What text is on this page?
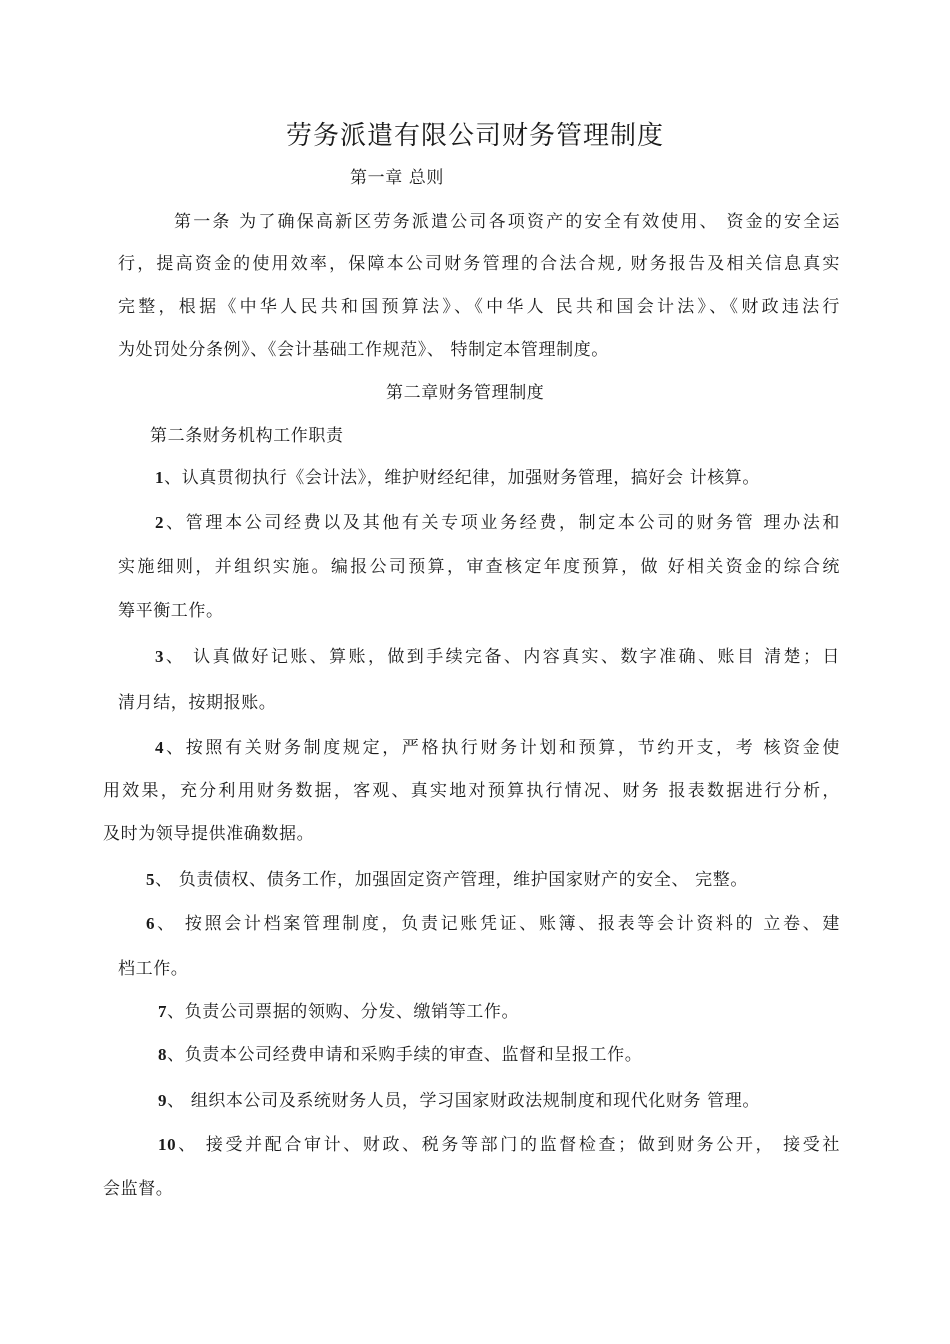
劳务派遣有限公司财务管理制度
第一章 总则
第一条 为了确保高新区劳务派遣公司各项资产的安全有效使用、 资金的安全运
行，提高资金的使用效率，保障本公司财务管理的合法合规, 财务报告及相关信息真实
完整，根据《中华人民共和国预算法》、《中华人 民共和国会计法》、《财政违法行
为处罚处分条例》、《会计基础工作规范》、 特制定本管理制度。
第二章财务管理制度
第二条财务机构工作职责
1、认真贯彻执行《会计法》，维护财经纪律，加强财务管理，搞好会 计核算。
2、管理本公司经费以及其他有关专项业务经费，制定本公司的财务管 理办法和
实施细则，并组织实施。编报公司预算，审查核定年度预算，做 好相关资金的综合统
筹平衡工作。
3、 认真做好记账、算账，做到手续完备、内容真实、数字准确、账目 清楚；日
清月结，按期报账。
4、按照有关财务制度规定，严格执行财务计划和预算，节约开支，考 核资金使
用效果，充分利用财务数据，客观、真实地对预算执行情况、财务 报表数据进行分析，
及时为领导提供准确数据。
5、 负责债权、债务工作，加强固定资产管理，维护国家财产的安全、 完整。
6、 按照会计档案管理制度，负责记账凭证、账簿、报表等会计资料的 立卷、建
档工作。
7、负责公司票据的领购、分发、缴销等工作。
8、负责本公司经费申请和采购手续的审查、监督和呈报工作。
9、 组织本公司及系统财务人员，学习国家财政法规制度和现代化财务 管理。
10、 接受并配合审计、财政、税务等部门的监督检查；做到财务公开， 接受社
会监督。
